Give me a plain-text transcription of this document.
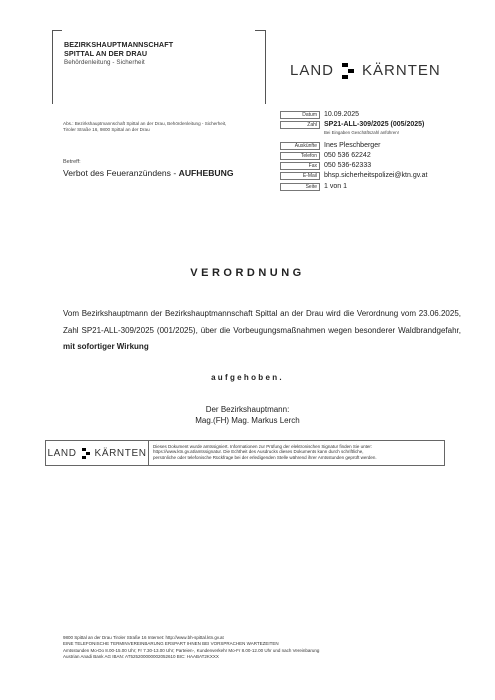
BEZIRKSHAUPTMANNSCHAFT
SPITTAL AN DER DRAU
Behördenleitung - Sicherheit	LAND KÄRNTEN
Abs.: Bezirkshauptmannschaft Spittal an der Drau, Behördenleitung - Sicherheit,
Tiroler Straße 16, 9800 Spittal an der Drau
Datum	10.09.2025
Zahl	SP21-ALL-309/2025 (005/2025)
Bei Eingaben Geschäftszahl anführen!
Auskünfte	Ines Pleschberger
Telefon	050 536 62242
Fax	050 536-62333
E-Mail	bhsp.sicherheitspolizei@ktn.gv.at
Seite	1 von 1
Betreff:
Verbot des Feueranzündens - AUFHEBUNG
VERORDNUNG
Vom Bezirkshauptmann der Bezirkshauptmannschaft Spittal an der Drau wird die Verordnung vom 23.06.2025, Zahl SP21-ALL-309/2025 (001/2025), über die Vorbeugungsmaßnahmen wegen besonderer Waldbrandgefahr, mit sofortiger Wirkung
aufgehoben.
Der Bezirkshauptmann:
Mag.(FH) Mag. Markus Lerch
LAND KÄRNTEN
Dieses Dokument wurde amtssigniert. Informationen zur Prüfung der elektronischen Signatur finden Sie unter:
https://www.ktn.gv.at/amtssignatur. Die Echtheit des Ausdrucks dieses Dokuments kann durch schriftliche,
persönliche oder telefonische Rückfrage bei der erledigenden Stelle während ihrer Amtsstunden geprüft werden.
9800 Spittal an der Drau Tiroler Straße 16 Internet: http://www.bh-spittal.ktn.gv.at
EINE TELEFONISCHE TERMINVEREINBARUNG ERSPART IHNEN BEI VORSPRACHEN WARTEZEITEN
Amtsstunden Mo-Do 8.00-15.00 Uhr; Fr 7.30-13.00 Uhr; Parteien-, Kundenverkehr Mo-Fr 8.00-12.00 Uhr und nach Vereinbarung
Austrian Anadi Bank AG IBAN: AT525200000002052610 BIC: HAABAT2KXXX
